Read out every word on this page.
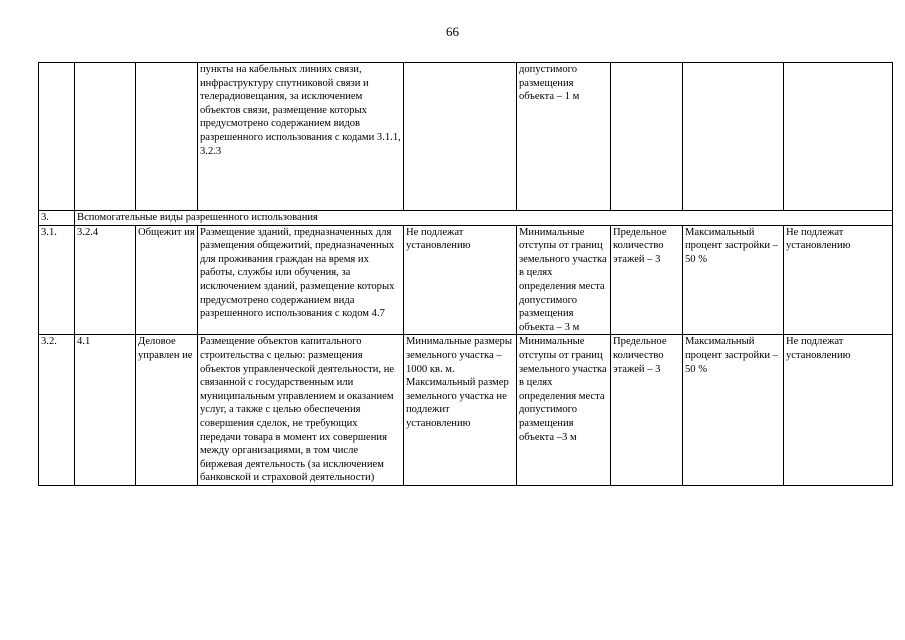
66
			пункты на кабельных линиях связи, инфраструктуру спутниковой связи и телерадиовещания, за исключением объектов связи, размещение которых предусмотрено содержанием видов разрешенного использования с кодами 3.1.1, 3.2.3		допустимого размещения объекта – 1 м			
3.	Вспомогательные виды разрешенного использования							
3.1.	3.2.4	Общежит ия	Размещение зданий, предназначенных для размещения общежитий, предназначенных для проживания граждан на время их работы, службы или обучения, за исключением зданий, размещение которых предусмотрено содержанием вида разрешенного использования с кодом 4.7	Не подлежат установлению	Минимальные отступы от границ земельного участка в целях определения места допустимого размещения объекта – 3 м	Предельное количество этажей – 3	Максимальный процент застройки – 50 %	Не подлежат установлению
3.2.	4.1	Деловое управлен ие	Размещение объектов капитального строительства с целью: размещения объектов управленческой деятельности, не связанной с государственным или муниципальным управлением и оказанием услуг, а также с целью обеспечения совершения сделок, не требующих передачи товара в момент их совершения между организациями, в том числе биржевая деятельность (за исключением банковской и страховой деятельности)	Минимальные размеры земельного участка – 1000 кв. м. Максимальный размер земельного участка не подлежит установлению	Минимальные отступы от границ земельного участка в целях определения места допустимого размещения объекта –3 м	Предельное количество этажей – 3	Максимальный процент застройки – 50 %	Не подлежат установлению
